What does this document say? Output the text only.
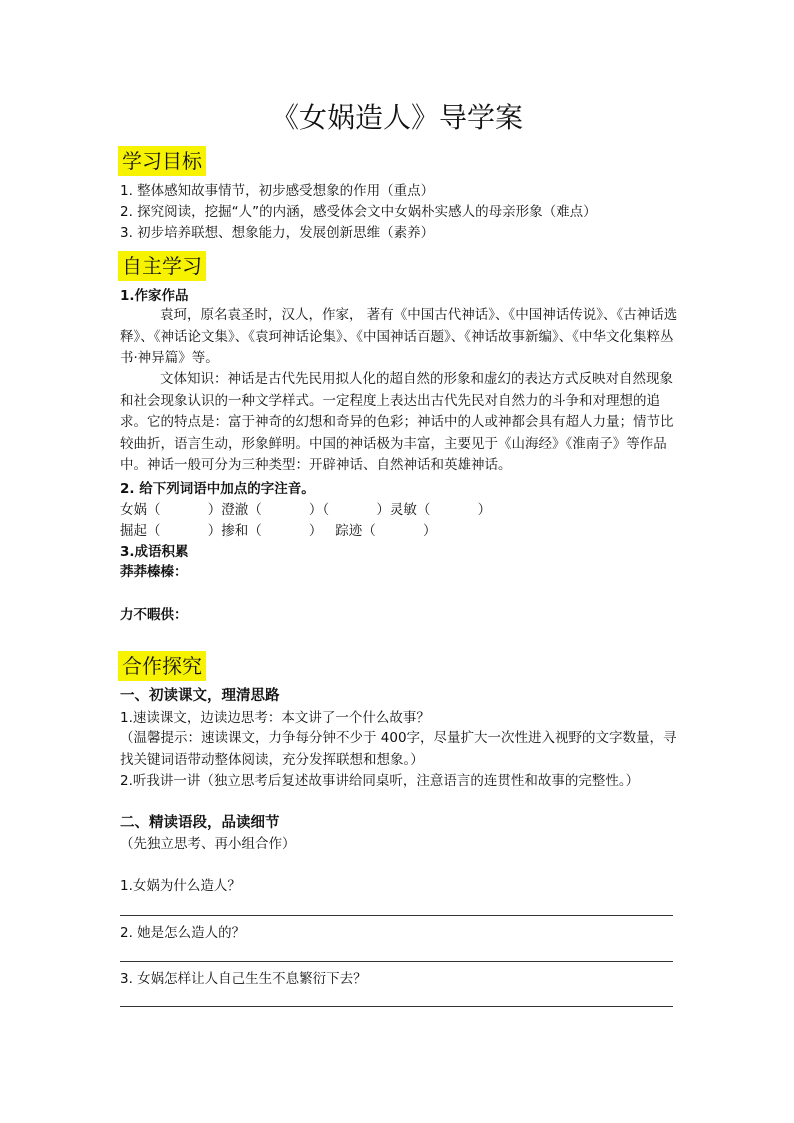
《女娲造人》导学案
学习目标
1. 整体感知故事情节，初步感受想象的作用（重点）
2. 探究阅读，挖掘“人”的内涵，感受体会文中女娲朴实感人的母亲形象（难点）
3. 初步培养联想、想象能力，发展创新思维（素养）
自主学习
1.作家作品
袁珂，原名袁圣时，汉人，作家， 著有《中国古代神话》、《中国神话传说》、《古神话选释》、《神话论文集》、《袁珂神话论集》、《中国神话百题》、《神话故事新编》、《中华文化集粹丛书·神异篇》等。
文体知识：神话是古代先民用拟人化的超自然的形象和虚幻的表达方式反映对自然现象和社会现象认识的一种文学样式。一定程度上表达出古代先民对自然力的斗争和对理想的追求。它的特点是：富于神奇的幻想和奇异的色彩；神话中的人或神都会具有超人力量；情节比较曲折，语言生动，形象鲜明。中国的神话极为丰富，主要见于《山海经》《淮南子》等作品中。神话一般可分为三种类型：开辟神话、自然神话和英雄神话。
2. 给下列词语中加点的字注音。
女娲（           ）澄澈（           ）（           ）灵敏（           ）
掘起（           ）掺和（           ）   踪迹（           ）
3.成语积累
莽莽榛榛：
力不暇供：
合作探究
一、初读课文，理清思路
1.速读课文，边读边思考：本文讲了一个什么故事？
（温馨提示：速读课文，力争每分钟不少于 400字，尽量扩大一次性进入视野的文字数量，寻找关键词语带动整体阅读，充分发挥联想和想象。）
2.听我讲一讲（独立思考后复述故事讲给同桌听，注意语言的连贯性和故事的完整性。）
二、精读语段，品读细节
（先独立思考、再小组合作）
1.女娲为什么造人？
2. 她是怎么造人的？
3. 女娲怎样让人自己生生不息繁衍下去？
